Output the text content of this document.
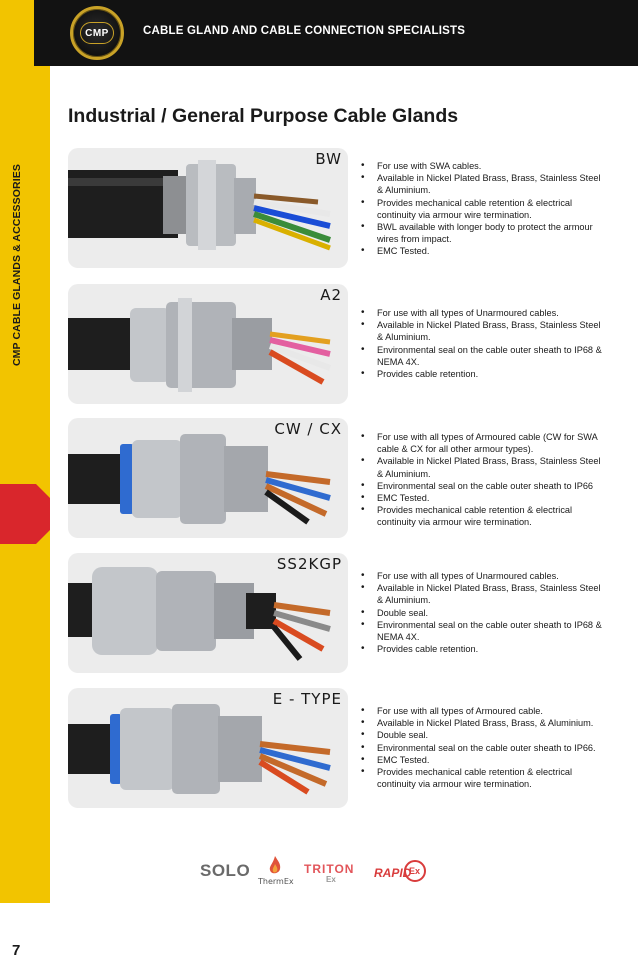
CMP	CABLE GLAND AND CABLE CONNECTION SPECIALISTS
CMP CABLE GLANDS & ACCESSORIES
7
Industrial / General Purpose Cable Glands
BW	• For use with SWA cables.
• Available in Nickel Plated Brass, Brass, Stainless Steel & Aluminium.
• Provides mechanical cable retention & electrical continuity via armour wire termination.
• BWL available with longer body to protect the armour wires from impact.
• EMC Tested.
A2
• For use with all types of Unarmoured cables.
• Available in Nickel Plated Brass, Brass, Stainless Steel & Aluminium.
• Environmental seal on the cable outer sheath to IP68 & NEMA 4X.
• Provides cable retention.
CW / CX	• For use with all types of Armoured cable (CW for SWA cable & CX for all other armour types).
• Available in Nickel Plated Brass, Brass, Stainless Steel & Aluminium.
• Environmental seal on the cable outer sheath to IP66
• EMC Tested.
• Provides mechanical cable retention & electrical continuity via armour wire termination.
SS2KGP
• For use with all types of Unarmoured cables.
• Available in Nickel Plated Brass, Brass, Stainless Steel & Aluminium.
• Double seal.
• Environmental seal on the cable outer sheath to IP68 & NEMA 4X.
• Provides cable retention.
E - TYPE
• For use with all types of Armoured cable.
• Available in Nickel Plated Brass, Brass, & Aluminium.
• Double seal.
• Environmental seal on the cable outer sheath to IP66.
• EMC Tested.
• Provides mechanical cable retention & electrical continuity via armour wire termination.
SOLO
ThermEx
TRITON
Ex	RAPID
Ex
